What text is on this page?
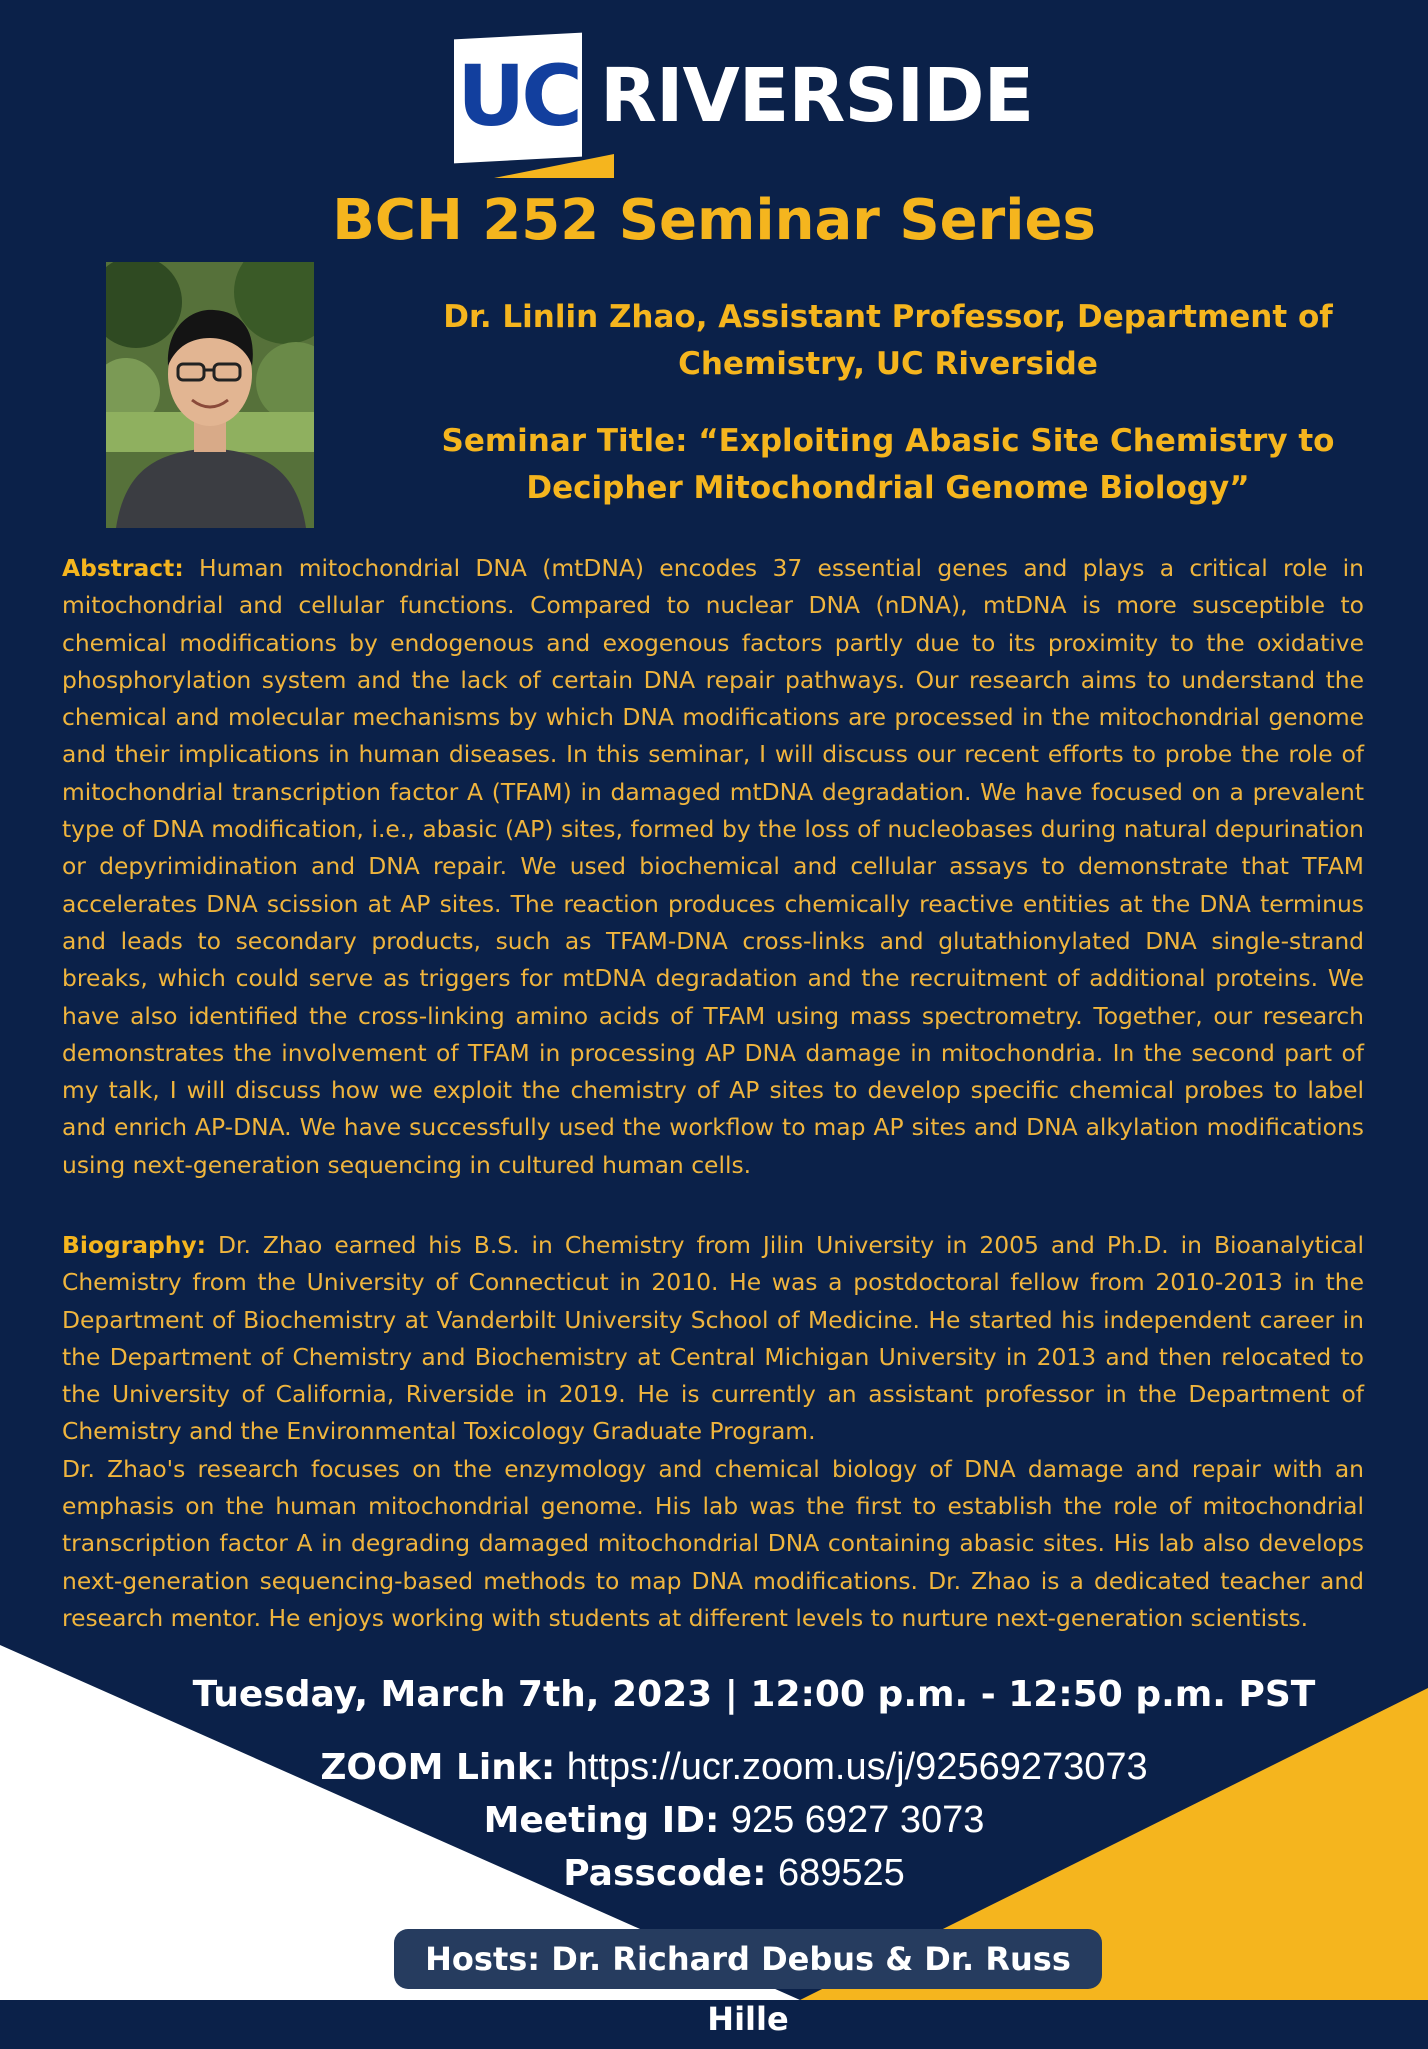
UC RIVERSIDE
BCH 252 Seminar Series
Dr. Linlin Zhao, Assistant Professor, Department of Chemistry, UC Riverside
Seminar Title: “Exploiting Abasic Site Chemistry to Decipher Mitochondrial Genome Biology”

Abstract: Human mitochondrial DNA (mtDNA) encodes 37 essential genes and plays a critical role in mitochondrial and cellular functions. Compared to nuclear DNA (nDNA), mtDNA is more susceptible to chemical modifications by endogenous and exogenous factors partly due to its proximity to the oxidative phosphorylation system and the lack of certain DNA repair pathways. Our research aims to understand the chemical and molecular mechanisms by which DNA modifications are processed in the mitochondrial genome and their implications in human diseases. In this seminar, I will discuss our recent efforts to probe the role of mitochondrial transcription factor A (TFAM) in damaged mtDNA degradation. We have focused on a prevalent type of DNA modification, i.e., abasic (AP) sites, formed by the loss of nucleobases during natural depurination or depyrimidination and DNA repair. We used biochemical and cellular assays to demonstrate that TFAM accelerates DNA scission at AP sites. The reaction produces chemically reactive entities at the DNA terminus and leads to secondary products, such as TFAM-DNA cross-links and glutathionylated DNA single-strand breaks, which could serve as triggers for mtDNA degradation and the recruitment of additional proteins. We have also identified the cross-linking amino acids of TFAM using mass spectrometry. Together, our research demonstrates the involvement of TFAM in processing AP DNA damage in mitochondria. In the second part of my talk, I will discuss how we exploit the chemistry of AP sites to develop specific chemical probes to label and enrich AP-DNA. We have successfully used the workflow to map AP sites and DNA alkylation modifications using next-generation sequencing in cultured human cells.

Biography: Dr. Zhao earned his B.S. in Chemistry from Jilin University in 2005 and Ph.D. in Bioanalytical Chemistry from the University of Connecticut in 2010. He was a postdoctoral fellow from 2010-2013 in the Department of Biochemistry at Vanderbilt University School of Medicine. He started his independent career in the Department of Chemistry and Biochemistry at Central Michigan University in 2013 and then relocated to the University of California, Riverside in 2019. He is currently an assistant professor in the Department of Chemistry and the Environmental Toxicology Graduate Program.
Dr. Zhao's research focuses on the enzymology and chemical biology of DNA damage and repair with an emphasis on the human mitochondrial genome. His lab was the first to establish the role of mitochondrial transcription factor A in degrading damaged mitochondrial DNA containing abasic sites. His lab also develops next-generation sequencing-based methods to map DNA modifications. Dr. Zhao is a dedicated teacher and research mentor. He enjoys working with students at different levels to nurture next-generation scientists.
Tuesday, March 7th, 2023 | 12:00 p.m. - 12:50 p.m. PST
ZOOM Link: https://ucr.zoom.us/j/92569273073
Meeting ID: 925 6927 3073
Passcode: 689525
Hosts: Dr. Richard Debus & Dr. Russ Hille
